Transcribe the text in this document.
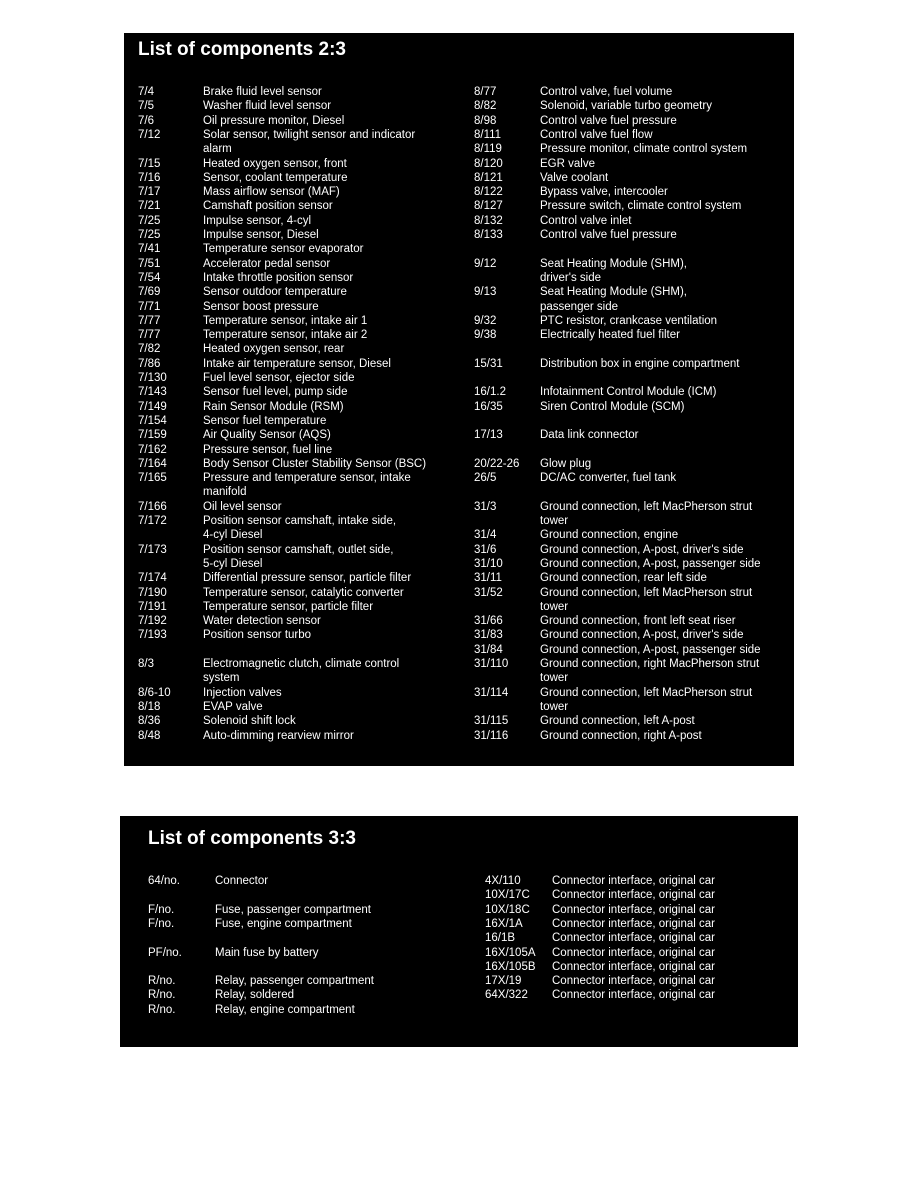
List of components 2:3
7/4	Brake fluid level sensor
7/5	Washer fluid level sensor
7/6	Oil pressure monitor, Diesel
7/12	Solar sensor, twilight sensor and indicator
alarm
7/15	Heated oxygen sensor, front
7/16	Sensor, coolant temperature
7/17	Mass airflow sensor (MAF)
7/21	Camshaft position sensor
7/25	Impulse sensor, 4-cyl
7/25	Impulse sensor, Diesel
7/41	Temperature sensor evaporator
7/51	Accelerator pedal sensor
7/54	Intake throttle position sensor
7/69	Sensor outdoor temperature
7/71	Sensor boost pressure
7/77	Temperature sensor, intake air 1
7/77	Temperature sensor, intake air 2
7/82	Heated oxygen sensor, rear
7/86	Intake air temperature sensor, Diesel
7/130	Fuel level sensor, ejector side
7/143	Sensor fuel level, pump side
7/149	Rain Sensor Module (RSM)
7/154	Sensor fuel temperature
7/159	Air Quality Sensor (AQS)
7/162	Pressure sensor, fuel line
7/164	Body Sensor Cluster Stability Sensor (BSC)
7/165	Pressure and temperature sensor, intake
manifold
7/166	Oil level sensor
7/172	Position sensor camshaft, intake side,
4-cyl Diesel
7/173	Position sensor camshaft, outlet side,
5-cyl Diesel
7/174	Differential pressure sensor, particle filter
7/190	Temperature sensor, catalytic converter
7/191	Temperature sensor, particle filter
7/192	Water detection sensor
7/193	Position sensor turbo
8/3	Electromagnetic clutch, climate control
system
8/6-10	Injection valves
8/18	EVAP valve
8/36	Solenoid shift lock
8/48	Auto-dimming rearview mirror
8/77	Control valve, fuel volume
8/82	Solenoid, variable turbo geometry
8/98	Control valve fuel pressure
8/111	Control valve fuel flow
8/119	Pressure monitor, climate control system
8/120	EGR valve
8/121	Valve coolant
8/122	Bypass valve, intercooler
8/127	Pressure switch, climate control system
8/132	Control valve inlet
8/133	Control valve fuel pressure
9/12	Seat Heating Module (SHM),
driver's side
9/13	Seat Heating Module (SHM),
passenger side
9/32	PTC resistor, crankcase ventilation
9/38	Electrically heated fuel filter
15/31	Distribution box in engine compartment
16/1.2	Infotainment Control Module (ICM)
16/35	Siren Control Module (SCM)
17/13	Data link connector
20/22-26 Glow plug
26/5	DC/AC converter, fuel tank
31/3	Ground connection, left MacPherson strut
tower
31/4	Ground connection, engine
31/6	Ground connection, A-post, driver's side
31/10	Ground connection, A-post, passenger side
31/11	Ground connection, rear left side
31/52	Ground connection, left MacPherson strut
tower
31/66	Ground connection, front left seat riser
31/83	Ground connection, A-post, driver's side
31/84	Ground connection, A-post, passenger side
31/110	Ground connection, right MacPherson strut
tower
31/114	Ground connection, left MacPherson strut
tower
31/115	Ground connection, left A-post
31/116	Ground connection, right A-post
List of components 3:3
64/no.	Connector
F/no.	Fuse, passenger compartment
F/no.	Fuse, engine compartment
PF/no.	Main fuse by battery
R/no.	Relay, passenger compartment
R/no.	Relay, soldered
R/no.	Relay, engine compartment
4X/110	Connector interface, original car
10X/17C Connector interface, original car
10X/18C Connector interface, original car
16X/1A	Connector interface, original car
16/1B	Connector interface, original car
16X/105A Connector interface, original car
16X/105B Connector interface, original car
17X/19	Connector interface, original car
64X/322 Connector interface, original car
